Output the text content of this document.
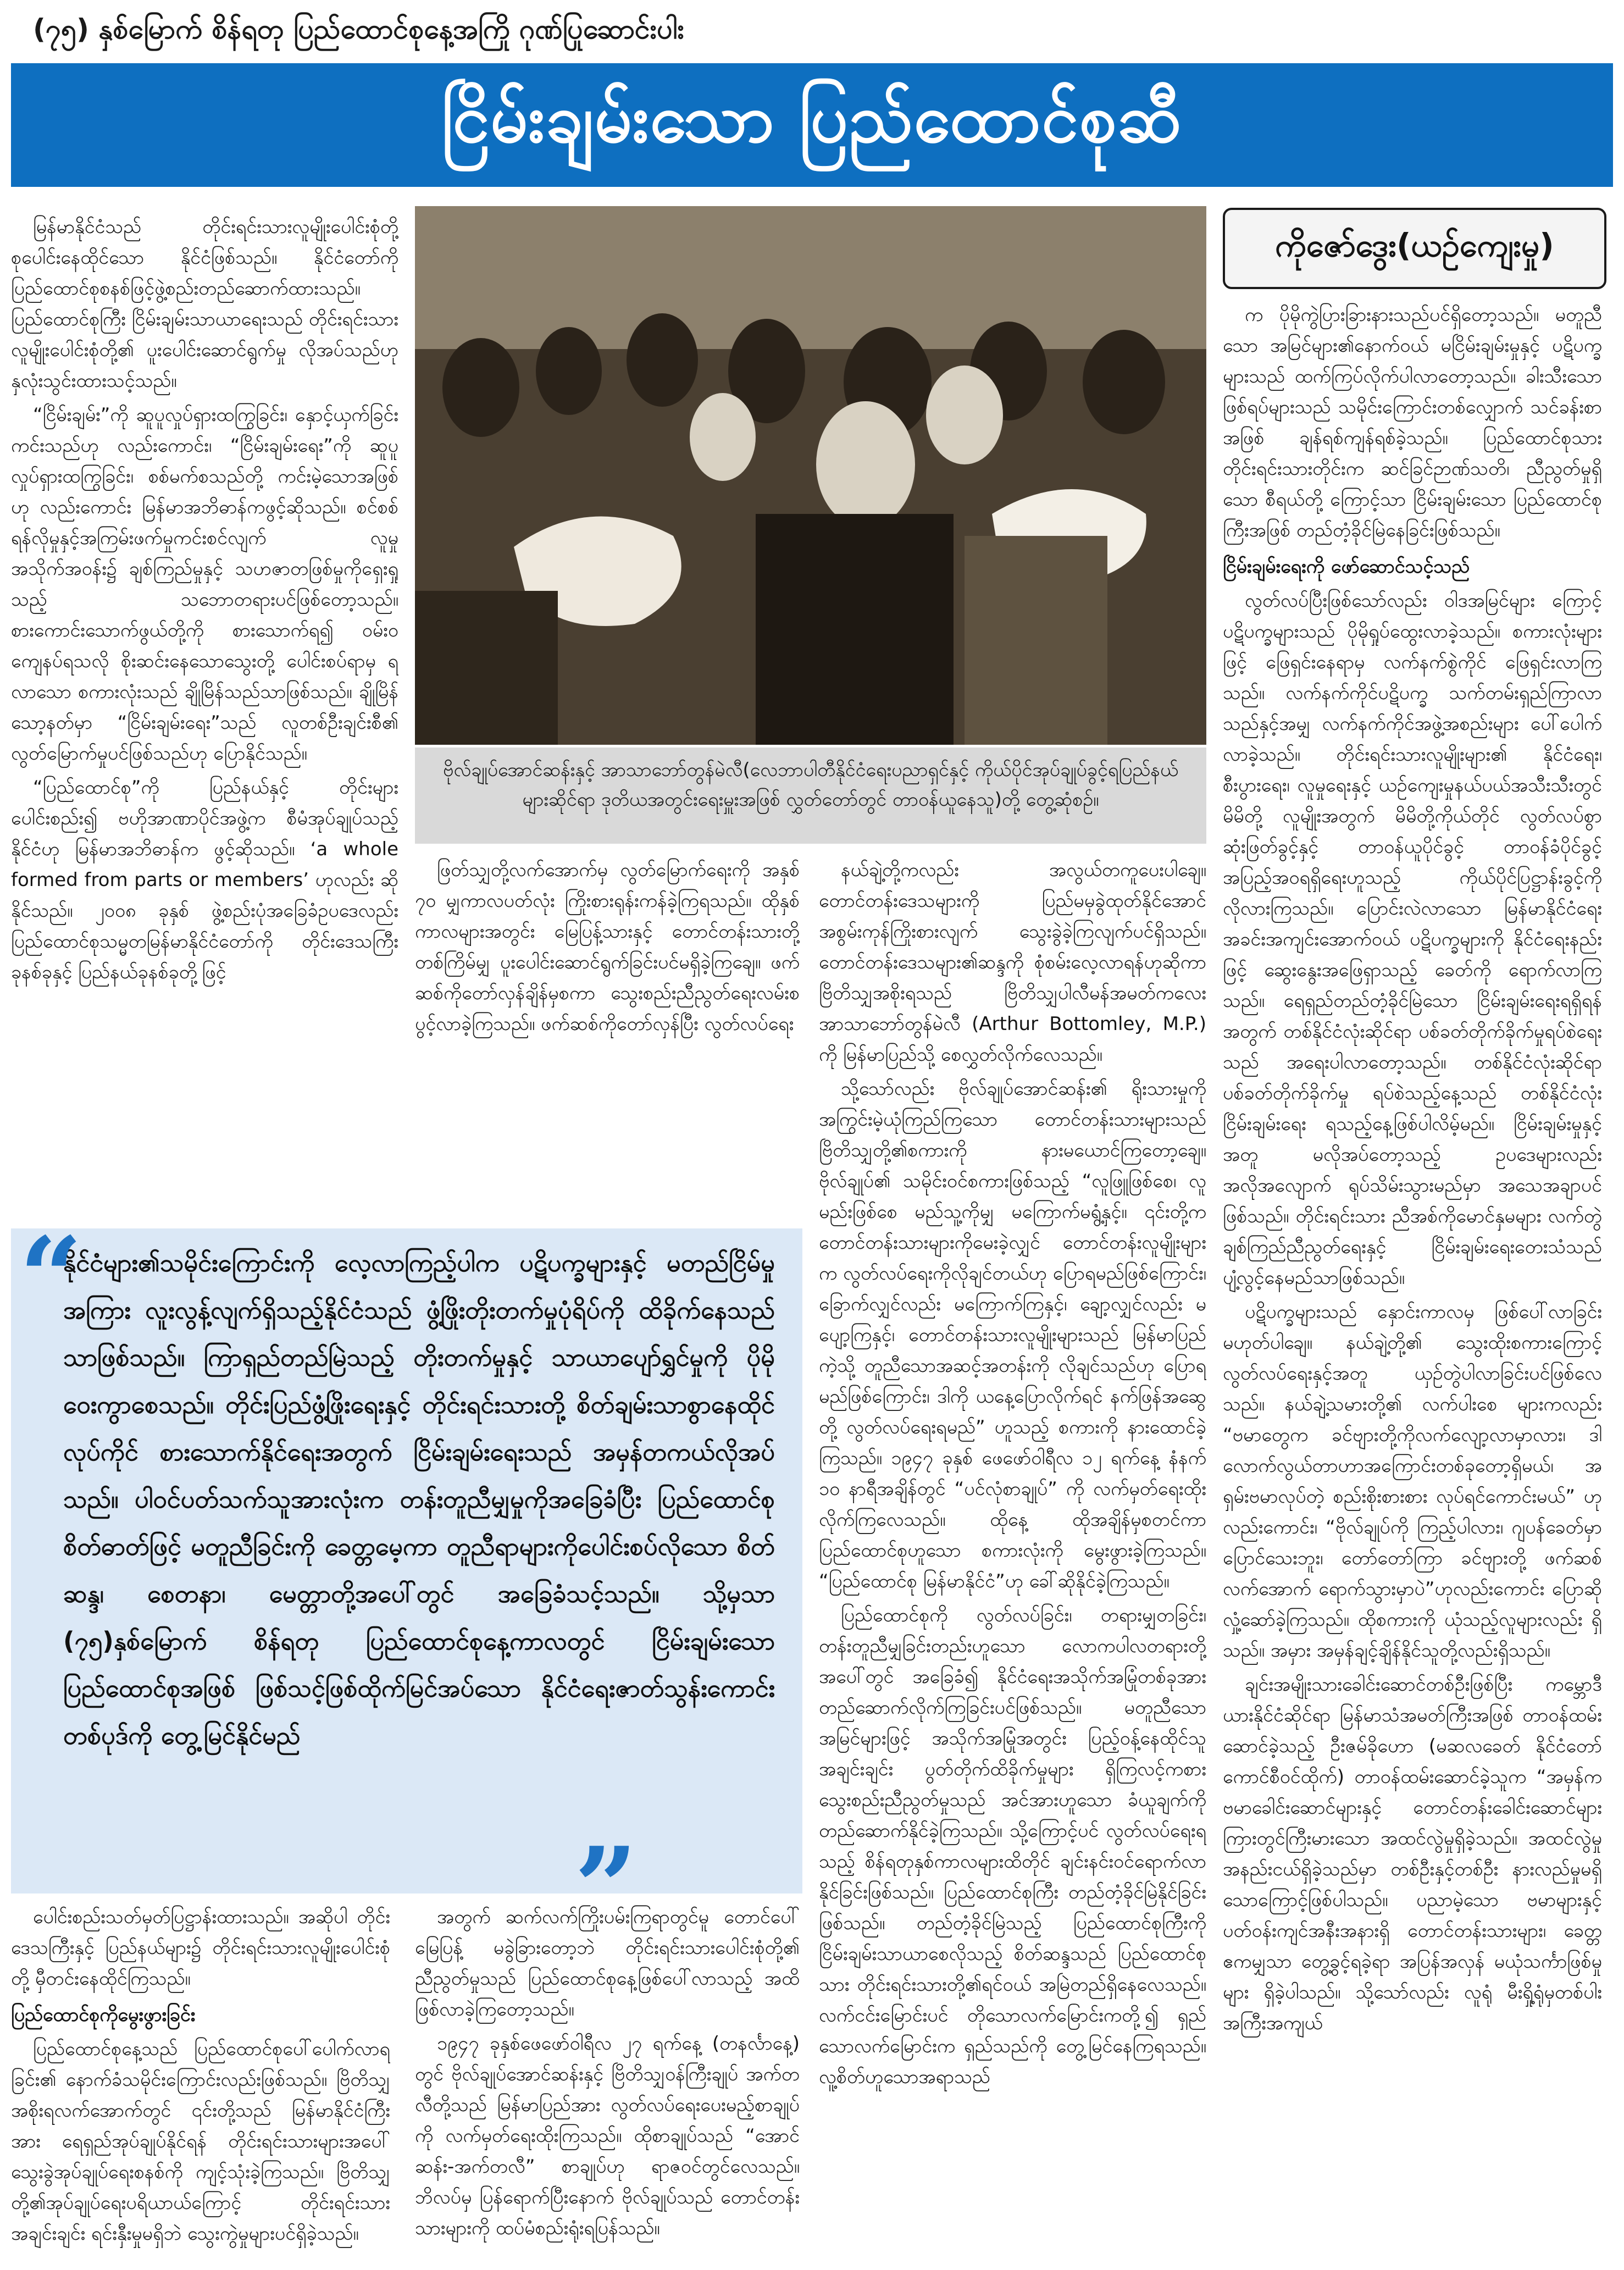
(၇၅) နှစ်မြောက် စိန်ရတု ပြည်ထောင်စုနေ့အကြို ဂုဏ်ပြုဆောင်းပါး
ငြိမ်းချမ်းသော ပြည်ထောင်စုဆီ

မြန်မာနိုင်ငံသည် တိုင်းရင်းသားလူမျိုးပေါင်းစုံတို့ စုပေါင်းနေထိုင်သော နိုင်ငံဖြစ်သည်။ နိုင်ငံတော်ကို ပြည်ထောင်စုစနစ်ဖြင့်ဖွဲ့စည်းတည်ဆောက်ထားသည်။ ပြည်ထောင်စုကြီး ငြိမ်းချမ်းသာယာရေးသည် တိုင်းရင်းသားလူမျိုးပေါင်းစုံတို့၏ ပူးပေါင်းဆောင်ရွက်မှု လိုအပ်သည်ဟု နှလုံးသွင်းထားသင့်သည်။

“ငြိမ်းချမ်း”ကို ဆူပူလှုပ်ရှားထကြွခြင်း၊ နှောင့်ယှက်ခြင်းကင်းသည်ဟု လည်းကောင်း၊ “ငြိမ်းချမ်းရေး”ကို ဆူပူလှုပ်ရှားထကြွခြင်း၊ စစ်မက်စသည်တို့ ကင်းမဲ့သောအဖြစ်ဟု လည်းကောင်း မြန်မာအဘိဓာန်ကဖွင့်ဆိုသည်။ စင်စစ် ရန်လိုမှုနှင့်အကြမ်းဖက်မှုကင်းစင်လျက် လူမှုအသိုက်အဝန်း၌ ချစ်ကြည်မှုနှင့် သဟဇာတဖြစ်မှုကိုရှေးရှုသည့် သဘောတရားပင်ဖြစ်တော့သည်။ စားကောင်းသောက်ဖွယ်တို့ကို စားသောက်ရ၍ ဝမ်းဝကျေနပ်ရသလို စိုးဆင်းနေသောသွေးတို့ ပေါင်းစပ်ရာမှ ရလာသော စကားလုံးသည် ချိုမြိန်သည်သာဖြစ်သည်။ ချိုမြိန်သော့နတ်မှာ “ငြိမ်းချမ်းရေး”သည် လူတစ်ဦးချင်းစီ၏ လွတ်မြောက်မှုပင်ဖြစ်သည်ဟု ပြောနိုင်သည်။

“ပြည်ထောင်စု”ကို ပြည်နယ်နှင့် တိုင်းများ ပေါင်းစည်း၍ ဗဟိုအာဏာပိုင်အဖွဲ့က စီမံအုပ်ချုပ်သည့် နိုင်ငံဟု မြန်မာအဘိဓာန်က ဖွင့်ဆိုသည်။ ‘a whole formed from parts or members’ ဟုလည်း ဆိုနိုင်သည်။ ၂၀၀၈ ခုနှစ် ဖွဲ့စည်းပုံအခြေခံဥပဒေလည်း ပြည်ထောင်စုသမ္မတမြန်မာနိုင်ငံတော်ကို တိုင်းဒေသကြီး ခုနစ်ခုနှင့် ပြည်နယ်ခုနစ်ခုတို့ဖြင့်

ဗိုလ်ချုပ်အောင်ဆန်းနှင့် အာသာဘော်တွန်မဲလီ(လေဘာပါတီနိုင်ငံရေးပညာရှင်နှင့် ကိုယ်ပိုင်အုပ်ချုပ်ခွင့်ရပြည်နယ်များဆိုင်ရာ ဒုတိယအတွင်းရေးမှူးအဖြစ် လွှတ်တော်တွင် တာဝန်ယူနေသူ)တို့ တွေ့ဆုံစဉ်။
ကိုဇော်ဒွေး(ယဉ်ကျေးမှု)

ဖြတ်သျှတို့လက်အောက်မှ လွတ်မြောက်ရေးကို အနှစ် ၇၀ မျှကာလပတ်လုံး ကြိုးစားရုန်းကန်ခဲ့ကြရသည်။ ထိုနှစ်ကာလများအတွင်း မြေပြန့်သားနှင့် တောင်တန်းသားတို့ တစ်ကြိမ်မျှ ပူးပေါင်းဆောင်ရွက်ခြင်းပင်မရှိခဲ့ကြချေ။ ဖက်ဆစ်ကိုတော်လှန်ချိန်မှစကာ သွေးစည်းညီညွတ်ရေးလမ်းစပွင့်လာခဲ့ကြသည်။ ဖက်ဆစ်ကိုတော်လှန်ပြီး လွတ်လပ်ရေး

နယ်ချဲ့တို့ကလည်း အလွယ်တကူပေးပါချေ။ တောင်တန်းဒေသများကို ပြည်မမှခွဲထုတ်နိုင်အောင် အစွမ်းကုန်ကြိုးစားလျက် သွေးခွဲခဲ့ကြလျက်ပင်ရှိသည်။ တောင်တန်းဒေသများ၏ဆန္ဒကို စုံစမ်းလေ့လာရန်ဟုဆိုကာ ဗြိတိသျှအစိုးရသည် ဗြိတိသျှပါလီမန်အမတ်ကလေး အာသာဘော်တွန်မဲလီ (Arthur Bottomley, M.P.) ကို မြန်မာပြည်သို့ စေလွှတ်လိုက်လေသည်။

သို့သော်လည်း ဗိုလ်ချုပ်အောင်ဆန်း၏ ရိုးသားမှုကို အကြွင်းမဲ့ယုံကြည်ကြသော တောင်တန်းသားများသည် ဗြိတိသျှတို့၏စကားကို နားမယောင်ကြတော့ချေ။ ဗိုလ်ချုပ်၏ သမိုင်းဝင်စကားဖြစ်သည့် “လူဖြူဖြစ်စေ၊ လူမည်းဖြစ်စေ မည်သူ့ကိုမျှ မကြောက်မရွံ့နှင့်။ ၎င်းတို့က တောင်တန်းသားများကိုမေးခဲ့လျှင် တောင်တန်းလူမျိုးများက လွတ်လပ်ရေးကိုလိုချင်တယ်ဟု ပြောရမည်ဖြစ်ကြောင်း၊ ခြောက်လျှင်လည်း မကြောက်ကြနှင့်၊ ချော့လျှင်လည်း မပျော့ကြနှင့်၊ တောင်တန်းသားလူမျိုးများသည် မြန်မာပြည်ကဲ့သို့ တူညီသောအဆင့်အတန်းကို လိုချင်သည်ဟု ပြောရမည်ဖြစ်ကြောင်း၊ ဒါကို ယနေ့ပြောလိုက်ရင် နက်ဖြန်အဆွေတို့ လွတ်လပ်ရေးရမည်” ဟူသည့် စကားကို နားထောင်ခဲ့ကြသည်။ ၁၉၄၇ ခုနှစ် ဖေဖော်ဝါရီလ ၁၂ ရက်နေ့ နံနက် ၁၀ နာရီအချိန်တွင် “ပင်လုံစာချုပ်” ကို လက်မှတ်ရေးထိုးလိုက်ကြလေသည်။ ထိုနေ့ ထိုအချိန်မှစတင်ကာ ပြည်ထောင်စုဟူသော စကားလုံးကို မွေးဖွားခဲ့ကြသည်။ “ပြည်ထောင်စု မြန်မာနိုင်ငံ”ဟု ခေါ်ဆိုနိုင်ခဲ့ကြသည်။

ပြည်ထောင်စုကို လွတ်လပ်ခြင်း၊ တရားမျှတခြင်း၊ တန်းတူညီမျှခြင်းတည်းဟူသော လောကပါလတရားတို့အပေါ်တွင် အခြေခံ၍ နိုင်ငံရေးအသိုက်အမြုံတစ်ခုအား တည်ဆောက်လိုက်ကြခြင်းပင်ဖြစ်သည်။ မတူညီသောအမြင်များဖြင့် အသိုက်အမြုံအတွင်း ပြည့်ဝန့်နေထိုင်သူအချင်းချင်း ပွတ်တိုက်ထိခိုက်မှုများ ရှိကြလင့်ကစား သွေးစည်းညီညွတ်မှုသည် အင်အားဟူသော ခံယူချက်ကို တည်ဆောက်နိုင်ခဲ့ကြသည်။ သို့ကြောင့်ပင် လွတ်လပ်ရေးရသည့် စိန်ရတုနှစ်ကာလများထိတိုင် ချင်းနင်းဝင်ရောက်လာနိုင်ခြင်းဖြစ်သည်။ ပြည်ထောင်စုကြီး တည်တံ့ခိုင်မြဲနိုင်ခြင်းဖြစ်သည်။ တည်တံ့ခိုင်မြဲသည့် ပြည်ထောင်စုကြီးကို ငြိမ်းချမ်းသာယာစေလိုသည့် စိတ်ဆန္ဒသည် ပြည်ထောင်စုသား တိုင်းရင်းသားတို့၏ရင်ဝယ် အမြဲတည်ရှိနေလေသည်။ လက်ငင်းမြောင်းပင် တိုသောလက်မြောင်းကတို့၍ ရှည်သောလက်မြောင်းက ရှည်သည်ကို တွေ့မြင်နေကြရသည်။ လူ့စိတ်ဟူသောအရာသည်

က ပိုမိုကွဲပြားခြားနားသည်ပင်ရှိတော့သည်။ မတူညီသော အမြင်များ၏နောက်ဝယ် မငြိမ်းချမ်းမှုနှင့် ပဋိပက္ခများသည် ထက်ကြပ်လိုက်ပါလာတော့သည်။ ခါးသီးသောဖြစ်ရပ်များသည် သမိုင်းကြောင်းတစ်လျှောက် သင်ခန်းစာအဖြစ် ချန်ရစ်ကျန်ရစ်ခဲ့သည်။ ပြည်ထောင်စုသား တိုင်းရင်းသားတိုင်းက ဆင်ခြင်ဉာဏ်သတိ၊ ညီညွတ်မှုရှိသော စီရယ်တို့ ကြောင့်သာ ငြိမ်းချမ်းသော ပြည်ထောင်စုကြီးအဖြစ် တည်တံ့ခိုင်မြဲနေခြင်းဖြစ်သည်။

ငြိမ်းချမ်းရေးကို ဖော်ဆောင်သင့်သည်

လွတ်လပ်ပြီးဖြစ်သော်လည်း ဝါဒအမြင်များ ကြောင့် ပဋိပက္ခများသည် ပိုမိုရှုပ်ထွေးလာခဲ့သည်။ စကားလုံးများဖြင့် ဖြေရှင်းနေရာမှ လက်နက်စွဲကိုင် ဖြေရှင်းလာကြသည်။ လက်နက်ကိုင်ပဋိပက္ခ သက်တမ်းရှည်ကြာလာသည်နှင့်အမျှ လက်နက်ကိုင်အဖွဲ့အစည်းများ ပေါ်ပေါက်လာခဲ့သည်။ တိုင်းရင်းသားလူမျိုးများ၏ နိုင်ငံရေး၊ စီးပွားရေး၊ လူမှုရေးနှင့် ယဉ်ကျေးမှုနယ်ပယ်အသီးသီးတွင် မိမိတို့ လူမျိုးအတွက် မိမိတို့ကိုယ်တိုင် လွတ်လပ်စွာ ဆုံးဖြတ်ခွင့်နှင့် တာဝန်ယူပိုင်ခွင့် တာဝန်ခံပိုင်ခွင့် အပြည့်အဝရရှိရေးဟူသည့် ကိုယ်ပိုင်ပြဋ္ဌာန်းခွင့်ကို လိုလားကြသည်။ ပြောင်းလဲလာသော မြန်မာနိုင်ငံရေး အခင်းအကျင်းအောက်ဝယ် ပဋိပက္ခများကို နိုင်ငံရေးနည်းဖြင့် ဆွေးနွေးအဖြေရှာသည့် ခေတ်ကို ရောက်လာကြသည်။ ရေရှည်တည်တံ့ခိုင်မြဲသော ငြိမ်းချမ်းရေးရရှိရန်အတွက် တစ်နိုင်ငံလုံးဆိုင်ရာ ပစ်ခတ်တိုက်ခိုက်မှုရပ်စဲရေးသည် အရေးပါလာတော့သည်။ တစ်နိုင်ငံလုံးဆိုင်ရာ ပစ်ခတ်တိုက်ခိုက်မှု ရပ်စဲသည့်နေ့သည် တစ်နိုင်ငံလုံး ငြိမ်းချမ်းရေး ရသည့်နေ့ဖြစ်ပါလိမ့်မည်။ ငြိမ်းချမ်းမှုနှင့်အတူ မလိုအပ်တော့သည့် ဥပဒေများလည်း အလိုအလျောက် ရုပ်သိမ်းသွားမည်မှာ အသေအချာပင်ဖြစ်သည်။ တိုင်းရင်းသား ညီအစ်ကိုမောင်နှမများ လက်တွဲချစ်ကြည်ညီညွတ်ရေးနှင့် ငြိမ်းချမ်းရေးတေးသံသည် ပျံ့လွင့်နေမည်သာဖြစ်သည်။

ပဋိပက္ခများသည် နှောင်းကာလမှ ဖြစ်ပေါ်လာခြင်းမဟုတ်ပါချေ။ နယ်ချဲ့တို့၏ သွေးထိုးစကားကြောင့် လွတ်လပ်ရေးနှင့်အတူ ယှဉ်တွဲပါလာခြင်းပင်ဖြစ်လေသည်။ နယ်ချဲ့သမားတို့၏ လက်ပါးစေ များကလည်း “ဗမာတွေက ခင်ဗျားတို့ကိုလက်လျော့လာမှာလား၊ ဒါလောက်လွယ်တာဟာအကြောင်းတစ်ခုတော့ရှိမယ်၊ အရှမ်းဗမာလုပ်တဲ့ စည်းစိုးစားစား လုပ်ရင်ကောင်းမယ်” ဟုလည်းကောင်း၊ “ဗိုလ်ချုပ်ကို ကြည့်ပါလား၊ ဂျပန်ခေတ်မှာ ပြောင်သေးဘူး၊ တော်တော်ကြာ ခင်ဗျားတို့ ဖက်ဆစ်လက်အောက် ရောက်သွားမှာပဲ”ဟုလည်းကောင်း ပြောဆိုလှုံ့ဆော်ခဲ့ကြသည်။ ထိုစကားကို ယုံသည့်လူများလည်း ရှိသည်။ အမှား အမှန်ချင့်ချိန်နိုင်သူတို့လည်းရှိသည်။

ချင်းအမျိုးသားခေါင်းဆောင်တစ်ဦးဖြစ်ပြီး ကမ္ဘောဒီယားနိုင်ငံဆိုင်ရာ မြန်မာသံအမတ်ကြီးအဖြစ် တာဝန်ထမ်းဆောင်ခဲ့သည့် ဦးဇမ်ခိုဟော (မဆလခေတ် နိုင်ငံတော်ကောင်စီဝင်ထိုက်) တာဝန်ထမ်းဆောင်ခဲ့သူက “အမှန်က ဗမာခေါင်းဆောင်များနှင့် တောင်တန်းခေါင်းဆောင်များ ကြားတွင်ကြီးမားသော အထင်လွဲမှုရှိခဲ့သည်။ အထင်လွဲမှု အနည်းငယ်ရှိခဲ့သည်မှာ တစ်ဦးနှင့်တစ်ဦး နားလည်မှုမရှိသောကြောင့်ဖြစ်ပါသည်။ ပညာမဲ့သော ဗမာများနှင့် ပတ်ဝန်းကျင်အနီးအနားရှိ တောင်တန်းသားများ၊ ခေတ္တဧကမျှသာ တွေ့ခွင့်ရခဲ့ရာ အပြန်အလှန် မယုံသင်္ကာဖြစ်မှုများ ရှိခဲ့ပါသည်။ သို့သော်လည်း လူရုံ မီးရှို့ရုံမှတစ်ပါး အကြီးအကျယ်

“
နိုင်ငံများ၏သမိုင်းကြောင်းကို လေ့လာကြည့်ပါက ပဋိပက္ခများနှင့် မတည်ငြိမ်မှုအကြား လူးလွန့်လျက်ရှိသည့်နိုင်ငံသည် ဖွံ့ဖြိုးတိုးတက်မှုပုံရိပ်ကို ထိခိုက်နေသည်သာဖြစ်သည်။ ကြာရှည်တည်မြဲသည့် တိုးတက်မှုနှင့် သာယာပျော်ရွှင်မှုကို ပိုမိုဝေးကွာစေသည်။ တိုင်းပြည်ဖွံ့ဖြိုးရေးနှင့် တိုင်းရင်းသားတို့ စိတ်ချမ်းသာစွာနေထိုင်လုပ်ကိုင် စားသောက်နိုင်ရေးအတွက် ငြိမ်းချမ်းရေးသည် အမှန်တကယ်လိုအပ်သည်။ ပါဝင်ပတ်သက်သူအားလုံးက တန်းတူညီမျှမှုကိုအခြေခံပြီး ပြည်ထောင်စုစိတ်ဓာတ်ဖြင့် မတူညီခြင်းကို ခေတ္တမေ့ကာ တူညီရာများကိုပေါင်းစပ်လိုသော စိတ်ဆန္ဒ၊ စေတနာ၊ မေတ္တာတို့အပေါ်တွင် အခြေခံသင့်သည်။ သို့မှသာ (၇၅)နှစ်မြောက် စိန်ရတု ပြည်ထောင်စုနေ့ကာလတွင် ငြိမ်းချမ်းသောပြည်ထောင်စုအဖြစ် ဖြစ်သင့်ဖြစ်ထိုက်မြင်အပ်သော နိုင်ငံရေးဇာတ်သွန်းကောင်းတစ်ပုဒ်ကို တွေ့မြင်နိုင်မည်
”

ပေါင်းစည်းသတ်မှတ်ပြဋ္ဌာန်းထားသည်။ အဆိုပါ တိုင်းဒေသကြီးနှင့် ပြည်နယ်များ၌ တိုင်းရင်းသားလူမျိုးပေါင်းစုံတို့ မှီတင်းနေထိုင်ကြသည်။

ပြည်ထောင်စုကိုမွေးဖွားခြင်း

ပြည်ထောင်စုနေ့သည် ပြည်ထောင်စုပေါ်ပေါက်လာရခြင်း၏ နောက်ခံသမိုင်းကြောင်းလည်းဖြစ်သည်။ ဗြိတိသျှအစိုးရလက်အောက်တွင် ၎င်းတို့သည် မြန်မာနိုင်ငံကြီးအား ရေရှည်အုပ်ချုပ်နိုင်ရန် တိုင်းရင်းသားများအပေါ် သွေးခွဲအုပ်ချုပ်ရေးစနစ်ကို ကျင့်သုံးခဲ့ကြသည်။ ဗြိတိသျှတို့၏အုပ်ချုပ်ရေးပရိယာယ်ကြောင့် တိုင်းရင်းသားအချင်းချင်း ရင်းနှီးမှုမရှိဘဲ သွေးကွဲမှုများပင်ရှိခဲ့သည်။

အတွက် ဆက်လက်ကြိုးပမ်းကြရာတွင်မူ တောင်ပေါ် မြေပြန့် မခွဲခြားတော့ဘဲ တိုင်းရင်းသားပေါင်းစုံတို့၏ ညီညွတ်မှုသည် ပြည်ထောင်စုနေ့ဖြစ်ပေါ်လာသည့် အထိ ဖြစ်လာခဲ့ကြတော့သည်။

၁၉၄၇ ခုနှစ်ဖေဖော်ဝါရီလ ၂၇ ရက်နေ့ (တနင်္လာနေ့) တွင် ဗိုလ်ချုပ်အောင်ဆန်းနှင့် ဗြိတိသျှဝန်ကြီးချုပ် အက်တလီတို့သည် မြန်မာပြည်အား လွတ်လပ်ရေးပေးမည့်စာချုပ်ကို လက်မှတ်ရေးထိုးကြသည်။ ထိုစာချုပ်သည် “အောင်ဆန်း-အက်တလီ” စာချုပ်ဟု ရာဇဝင်တွင်လေသည်။ ဘိလပ်မှ ပြန်ရောက်ပြီးနောက် ဗိုလ်ချုပ်သည် တောင်တန်းသားများကို ထပ်မံစည်းရုံးရပြန်သည်။
